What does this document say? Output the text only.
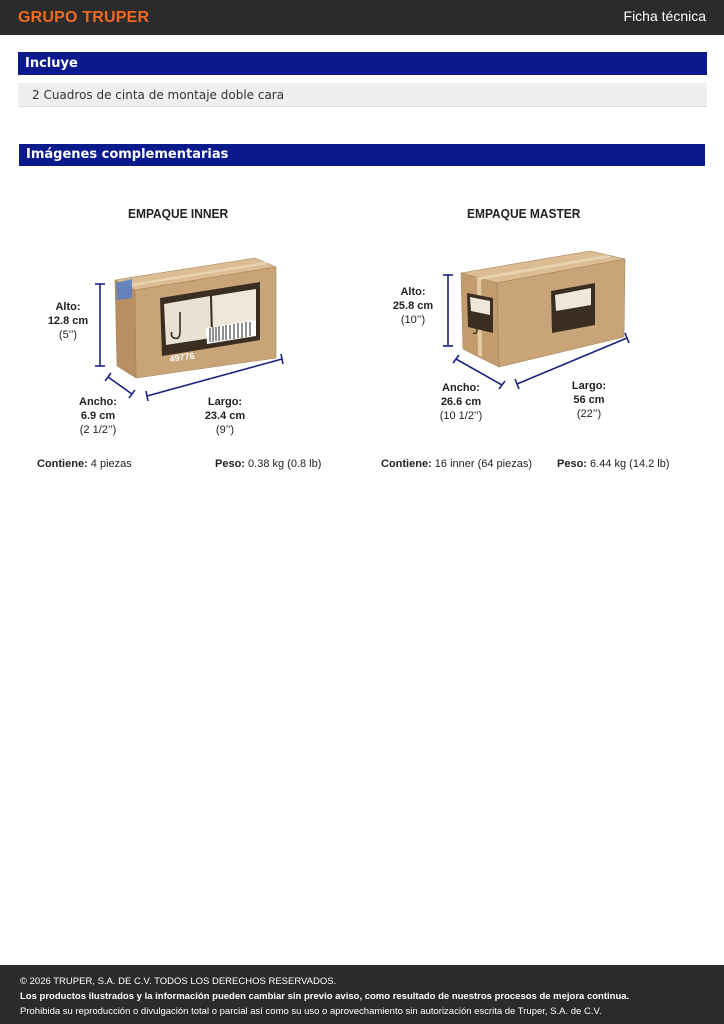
GRUPO TRUPER	Ficha técnica
Incluye
2 Cuadros de cinta de montaje doble cara
Imágenes complementarias
EMPAQUE INNER	EMPAQUE MASTER
49776
Alto:
12.8 cm
(5’’)
Ancho:
6.9 cm
(2 1/2’’)
Largo:
23.4 cm
(9’’)
Alto:
25.8 cm
(10’’)
Ancho:
26.6 cm
(10 1/2’’)
Largo:
56 cm
(22’’)
Contiene: 4 piezas	Peso: 0.38 kg (0.8 lb)	Contiene: 16 inner (64 piezas) Peso: 6.44 kg (14.2 lb)
© 2026 TRUPER, S.A. DE C.V. TODOS LOS DERECHOS RESERVADOS.
Los productos ilustrados y la información pueden cambiar sin previo aviso, como resultado de nuestros procesos de mejora continua.
Prohibida su reproducción o divulgación total o parcial así como su uso o aprovechamiento sin autorización escrita de Truper, S.A. de C.V.
